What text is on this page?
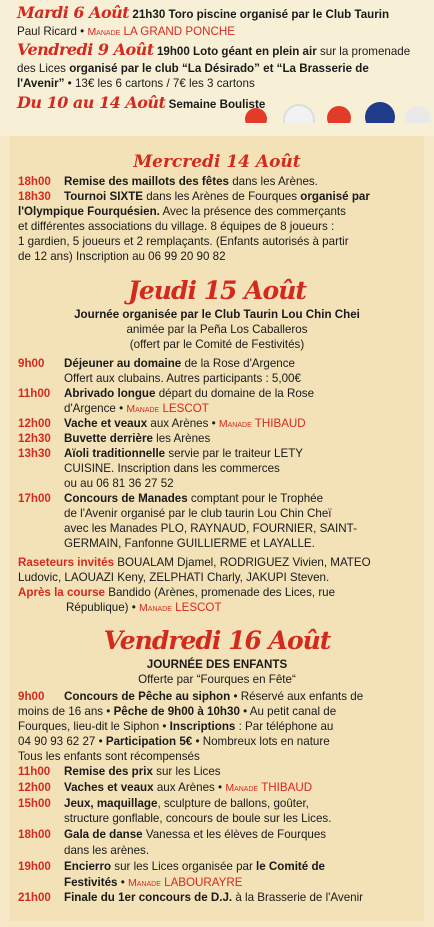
Mardi 6 Août 21h30 Toro piscine organisé par le Club Taurin
Paul Ricard • Manade LA GRAND PONCHE
Vendredi 9 Août 19h00 Loto géant en plein air sur la promenade
des Lices organisé par le club “La Désirado” et “La Brasserie de
l'Avenir” • 13€ les 6 cartons / 7€ les 3 cartons
Du 10 au 14 Août Semaine Bouliste
Mercredi 14 Août
18h00 Remise des maillots des fêtes dans les Arènes.
18h30 Tournoi SIXTE dans les Arènes de Fourques organisé par
l'Olympique Fourquésien. Avec la présence des commerçants
et différentes associations du village. 8 équipes de 8 joueurs :
1 gardien, 5 joueurs et 2 remplaçants. (Enfants autorisés à partir
de 12 ans) Inscription au 06 99 20 90 82
Jeudi 15 Août
Journée organisée par le Club Taurin Lou Chin Chei
animée par la Peña Los Caballeros
(offert par le Comité de Festivités)
9h00 Déjeuner au domaine de la Rose d'Argence
Offert aux clubains. Autres participants : 5,00€
11h00 Abrivado longue départ du domaine de la Rose
d'Argence • Manade LESCOT
12h00 Vache et veaux aux Arènes • Manade THIBAUD
12h30 Buvette derrière les Arènes
13h30 Aïoli traditionnelle servie par le traiteur LETY
CUISINE. Inscription dans les commerces
ou au 06 81 36 27 52
17h00 Concours de Manades comptant pour le Trophée
de l'Avenir organisé par le club taurin Lou Chin Cheï
avec les Manades PLO, RAYNAUD, FOURNIER, SAINT-
GERMAIN, Fanfonne GUILLIERME et LAYALLE.
Raseteurs invités BOUALAM Djamel, RODRIGUEZ Vivien, MATEO
Ludovic, LAOUAZI Keny, ZELPHATI Charly, JAKUPI Steven.
Après la course Bandido (Arènes, promenade des Lices, rue
République) • Manade LESCOT
Vendredi 16 Août
JOURNÉE DES ENFANTS
Offerte par “Fourques en Fête“
9h00 Concours de Pêche au siphon • Réservé aux enfants de
moins de 16 ans • Pêche de 9h00 à 10h30 • Au petit canal de
Fourques, lieu-dit le Siphon • Inscriptions : Par téléphone au
04 90 93 62 27 • Participation 5€ • Nombreux lots en nature
Tous les enfants sont récompensés
11h00 Remise des prix sur les Lices
12h00 Vaches et veaux aux Arènes • Manade THIBAUD
15h00 Jeux, maquillage, sculpture de ballons, goûter,
structure gonflable, concours de boule sur les Lices.
18h00 Gala de danse Vanessa et les élèves de Fourques
dans les arènes.
19h00 Encierro sur les Lices organisée par le Comité de
Festivités • Manade LABOURAYRE
21h00 Finale du 1er concours de D.J. à la Brasserie de l'Avenir
